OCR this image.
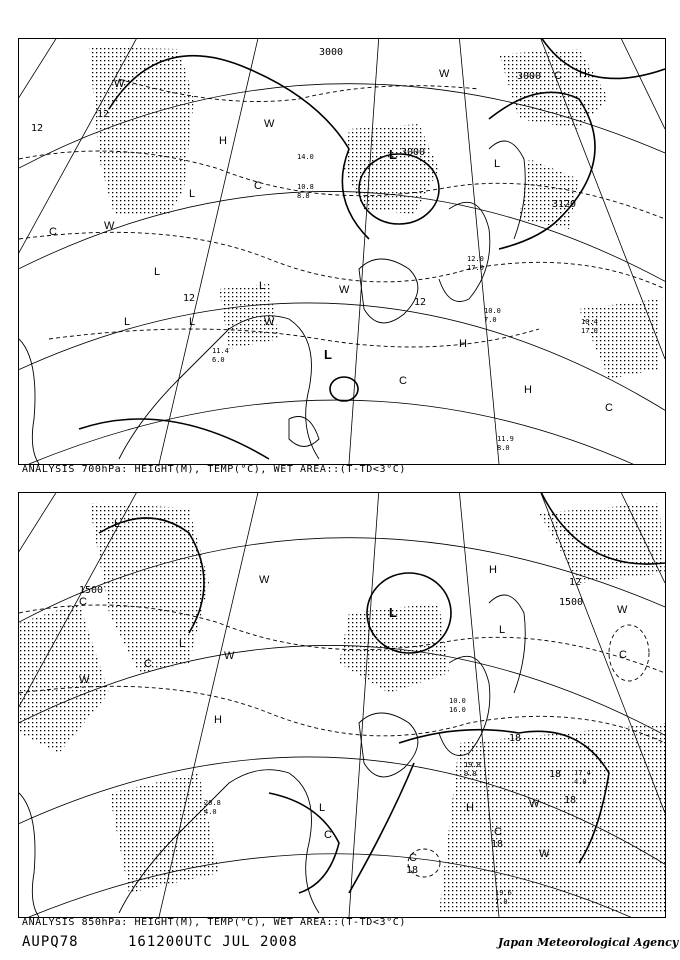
W
W
H
L
C	W
C
L
L
L
W	H
L
C
H
W
C
H
L
L	W
C
L
3000
3000
3000
3120
12
12
12	12
10.0
7.0	10.4
17.0
11.9
8.0
11.4
6.0
12.0
17.0
14.0
10.8
8.8
ANALYSIS 700hPa: HEIGHT(M), TEMP(°C), WET AREA::(T-TD<3°C)
L
C
W
C
W
L
H
L
H
C
W
H	W
C
W
W
L
C
C
L
1500
1500
18
18
18
18
12
18
19.8
9.0	17.4
4.0
19.6
7.0
20.8
4.0
10.0
16.0
ANALYSIS 850hPa: HEIGHT(M), TEMP(°C), WET AREA::(T-TD<3°C)
AUPQ78	161200UTC JUL 2008	Japan Meteorological Agency
